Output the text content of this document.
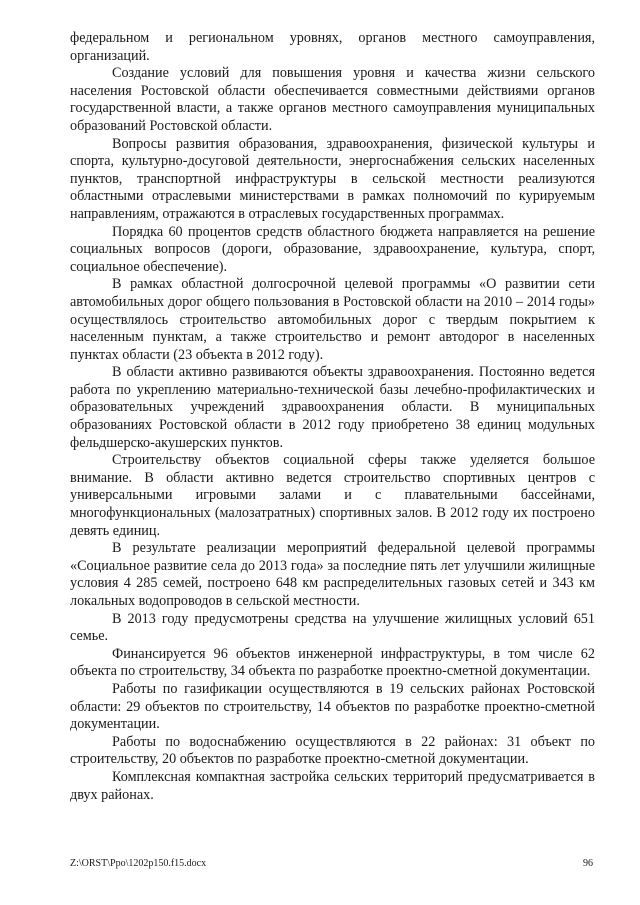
федеральном и региональном уровнях, органов местного самоуправления, организаций.

Создание условий для повышения уровня и качества жизни сельского населения Ростовской области обеспечивается совместными действиями органов государственной власти, а также органов местного самоуправления муниципальных образований Ростовской области.

Вопросы развития образования, здравоохранения, физической культуры и спорта, культурно-досуговой деятельности, энергоснабжения сельских населенных пунктов, транспортной инфраструктуры в сельской местности реализуются областными отраслевыми министерствами в рамках полномочий по курируемым направлениям, отражаются в отраслевых государственных программах.

Порядка 60 процентов средств областного бюджета направляется на решение социальных вопросов (дороги, образование, здравоохранение, культура, спорт, социальное обеспечение).

В рамках областной долгосрочной целевой программы «О развитии сети автомобильных дорог общего пользования в Ростовской области на 2010 – 2014 годы» осуществлялось строительство автомобильных дорог с твердым покрытием к населенным пунктам, а также строительство и ремонт автодорог в населенных пунктах области (23 объекта в 2012 году).

В области активно развиваются объекты здравоохранения. Постоянно ведется работа по укреплению материально-технической базы лечебно-профилактических и образовательных учреждений здравоохранения области. В муниципальных образованиях Ростовской области в 2012 году приобретено 38 единиц модульных фельдшерско-акушерских пунктов.

Строительству объектов социальной сферы также уделяется большое внимание. В области активно ведется строительство спортивных центров с универсальными игровыми залами и с плавательными бассейнами, многофункциональных (малозатратных) спортивных залов. В 2012 году их построено девять единиц.

В результате реализации мероприятий федеральной целевой программы «Социальное развитие села до 2013 года» за последние пять лет улучшили жилищные условия 4 285 семей, построено 648 км распределительных газовых сетей и 343 км локальных водопроводов в сельской местности.

В 2013 году предусмотрены средства на улучшение жилищных условий 651 семье.

Финансируется 96 объектов инженерной инфраструктуры, в том числе 62 объекта по строительству, 34 объекта по разработке проектно-сметной документации.

Работы по газификации осуществляются в 19 сельских районах Ростовской области: 29 объектов по строительству, 14 объектов по разработке проектно-сметной документации.

Работы по водоснабжению осуществляются в 22 районах: 31 объект по строительству, 20 объектов по разработке проектно-сметной документации.

Комплексная компактная застройка сельских территорий предусматривается в двух районах.

Z:\ORST\Ppo\1202p150.f15.docx	96
